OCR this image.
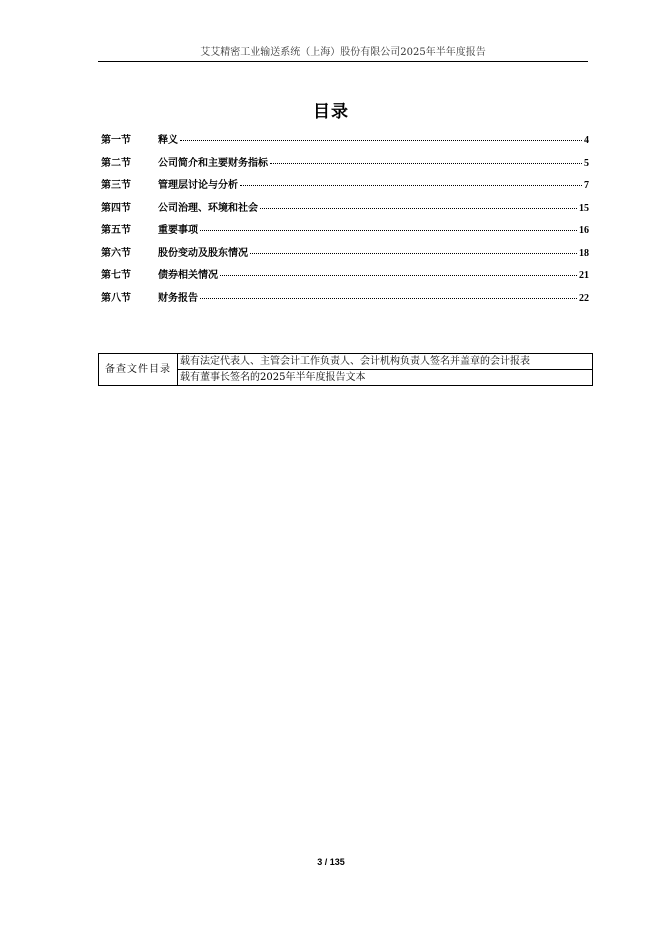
艾艾精密工业输送系统（上海）股份有限公司2025年半年度报告
目录
第一节	释义	4
第二节	公司简介和主要财务指标	5
第三节	管理层讨论与分析	7
第四节	公司治理、环境和社会	15
第五节	重要事项	16
第六节	股份变动及股东情况	18
第七节	债券相关情况	21
第八节	财务报告	22
备查文件目录	载有法定代表人、主管会计工作负责人、会计机构负责人签名并盖章的会计报表
载有董事长签名的2025年半年度报告文本
3 / 135
